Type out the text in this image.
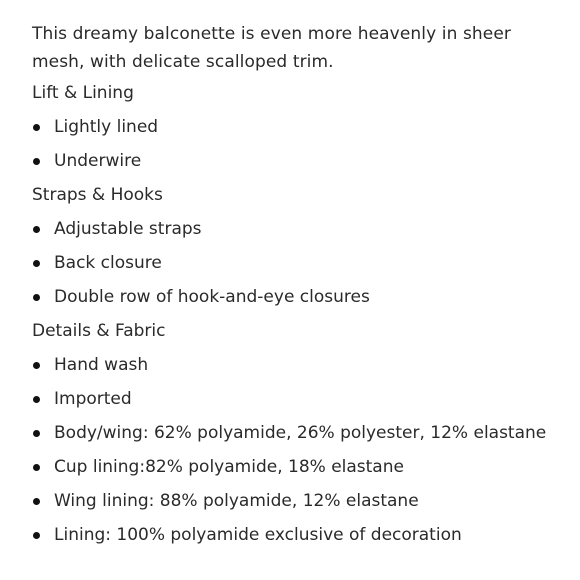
This dreamy balconette is even more heavenly in sheer mesh, with delicate scalloped trim.

Lift & Lining
Lightly lined
Underwire
Straps & Hooks
Adjustable straps
Back closure
Double row of hook-and-eye closures
Details & Fabric
Hand wash
Imported
Body/wing: 62% polyamide, 26% polyester, 12% elastane
Cup lining:82% polyamide, 18% elastane
Wing lining: 88% polyamide, 12% elastane
Lining: 100% polyamide exclusive of decoration
